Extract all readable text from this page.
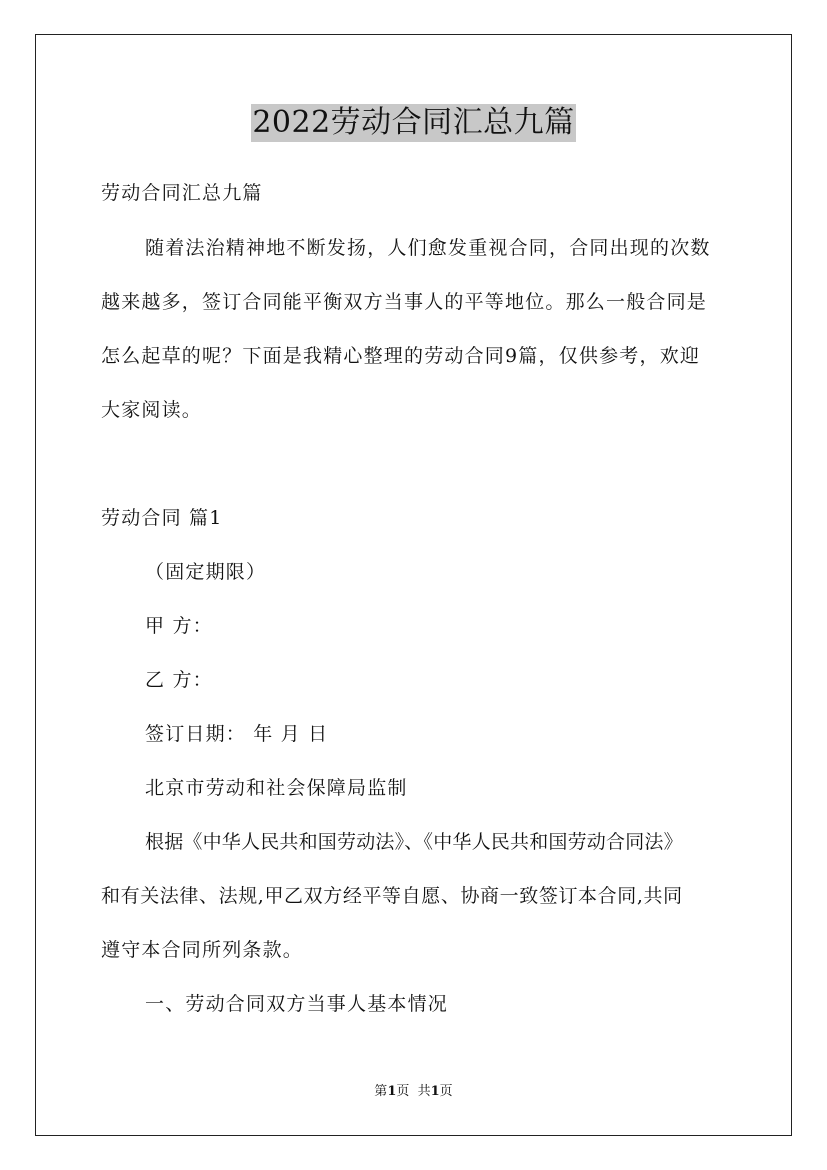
2022劳动合同汇总九篇
劳动合同汇总九篇
随着法治精神地不断发扬，人们愈发重视合同，合同出现的次数
越来越多，签订合同能平衡双方当事人的平等地位。那么一般合同是
怎么起草的呢？下面是我精心整理的劳动合同9篇，仅供参考，欢迎
大家阅读。
劳动合同 篇1
（固定期限）
甲 方：
乙 方：
签订日期： 年 月 日
北京市劳动和社会保障局监制
根据《中华人民共和国劳动法》、《中华人民共和国劳动合同法》
和有关法律、法规,甲乙双方经平等自愿、协商一致签订本合同,共同
遵守本合同所列条款。
一、劳动合同双方当事人基本情况
第1页  共1页
